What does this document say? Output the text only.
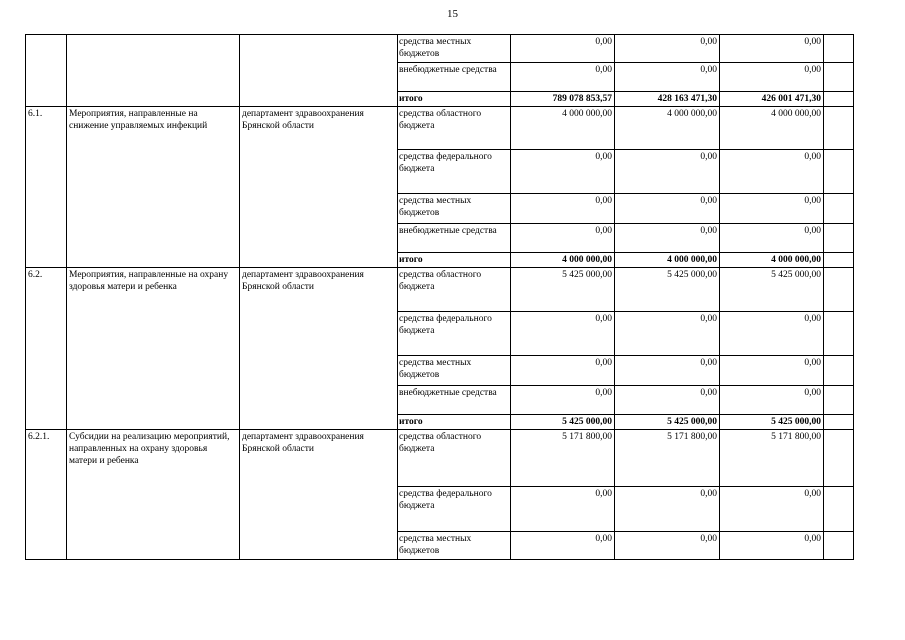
15
			средства местных бюджетов	0,00	0,00	0,00	
			внебюджетные средства	0,00	0,00	0,00	
			итого	789 078 853,57	428 163 471,30	426 001 471,30	
6.1.	Мероприятия, направленные на снижение управляемых инфекций	департамент здравоохранения Брянской области	средства областного бюджета	4 000 000,00	4 000 000,00	4 000 000,00	
			средства федерального бюджета	0,00	0,00	0,00	
			средства местных бюджетов	0,00	0,00	0,00	
			внебюджетные средства	0,00	0,00	0,00	
			итого	4 000 000,00	4 000 000,00	4 000 000,00	
6.2.	Мероприятия, направленные на охрану здоровья матери и ребенка	департамент здравоохранения Брянской области	средства областного бюджета	5 425 000,00	5 425 000,00	5 425 000,00	
			средства федерального бюджета	0,00	0,00	0,00	
			средства местных бюджетов	0,00	0,00	0,00	
			внебюджетные средства	0,00	0,00	0,00	
			итого	5 425 000,00	5 425 000,00	5 425 000,00	
6.2.1.	Субсидии на реализацию мероприятий, направленных на охрану здоровья матери и ребенка	департамент здравоохранения Брянской области	средства областного бюджета	5 171 800,00	5 171 800,00	5 171 800,00	
			средства федерального бюджета	0,00	0,00	0,00	
			средства местных бюджетов	0,00	0,00	0,00	
